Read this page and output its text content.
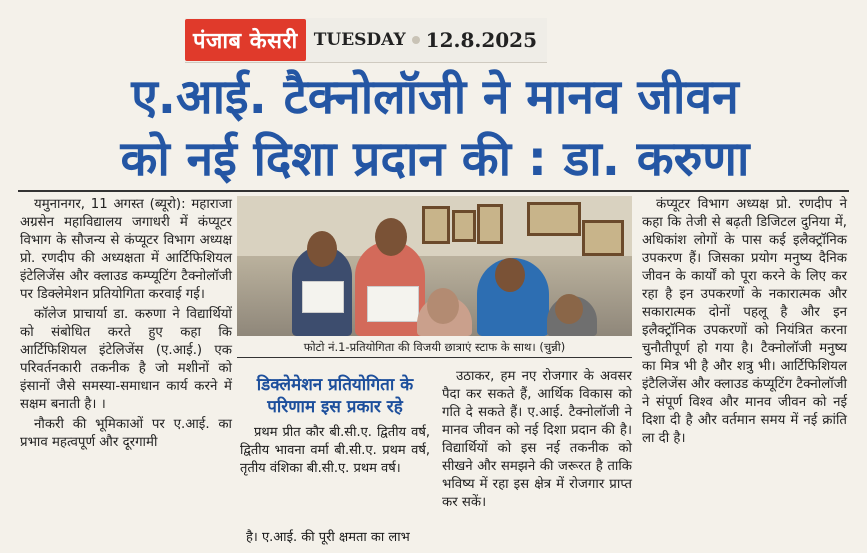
पंजाब केसरी TUESDAY 12.8.2025
ए.आई. टैक्नोलॉजी ने मानव जीवन
को नई दिशा प्रदान की : डा. करुणा

यमुनानगर, 11 अगस्त (ब्यूरो): महाराजा अग्रसेन महाविद्यालय जगाधरी में कंप्यूटर विभाग के सौजन्य से कंप्यूटर विभाग अध्यक्ष प्रो. रणदीप की अध्यक्षता में आर्टिफिशियल इंटेलिजेंस और क्लाउड कम्प्यूटिंग टैक्नोलॉजी पर डिक्लेमेशन प्रतियोगिता करवाई गई।

कॉलेज प्राचार्या डा. करुणा ने विद्यार्थियों को संबोधित करते हुए कहा कि आर्टिफिशियल इंटेलिजेंस (ए.आई.) एक परिवर्तनकारी तकनीक है जो मशीनों को इंसानों जैसे समस्या-समाधान कार्य करने में सक्षम बनाती है। ।

नौकरी की भूमिकाओं पर ए.आई. का प्रभाव महत्वपूर्ण और दूरगामी

फोटो नं.1-प्रतियोगिता की विजयी छात्राएं स्टाफ के साथ। (चुन्नी)
डिक्लेमेशन प्रतियोगिता के परिणाम इस प्रकार रहे

प्रथम प्रीत कौर बी.सी.ए. द्वितीय वर्ष, द्वितीय भावना वर्मा बी.सी.ए. प्रथम वर्ष, तृतीय वंशिका बी.सी.ए. प्रथम वर्ष।

है। ए.आई. की पूरी क्षमता का लाभ

उठाकर, हम नए रोजगार के अवसर पैदा कर सकते हैं, आर्थिक विकास को गति दे सकते हैं। ए.आई. टैक्नोलॉजी ने मानव जीवन को नई दिशा प्रदान की है। विद्यार्थियों को इस नई तकनीक को सीखने और समझने की जरूरत है ताकि भविष्य में रहा इस क्षेत्र में रोजगार प्राप्त कर सकें।

कंप्यूटर विभाग अध्यक्ष प्रो. रणदीप ने कहा कि तेजी से बढ़ती डिजिटल दुनिया में, अधिकांश लोगों के पास कई इलैक्ट्रॉनिक उपकरण हैं। जिसका प्रयोग मनुष्य दैनिक जीवन के कार्यों को पूरा करने के लिए कर रहा है इन उपकरणों के नकारात्मक और सकारात्मक दोनों पहलू है और इन इलैक्ट्रॉनिक उपकरणों को नियंत्रित करना चुनौतीपूर्ण हो गया है। टैक्नोलॉजी मनुष्य का मित्र भी है और शत्रु भी। आर्टिफिशियल इंटैलिजेंस और क्लाउड कंप्यूटिंग टैक्नोलॉजी ने संपूर्ण विश्व और मानव जीवन को नई दिशा दी है और वर्तमान समय में नई क्रांति ला दी है।
